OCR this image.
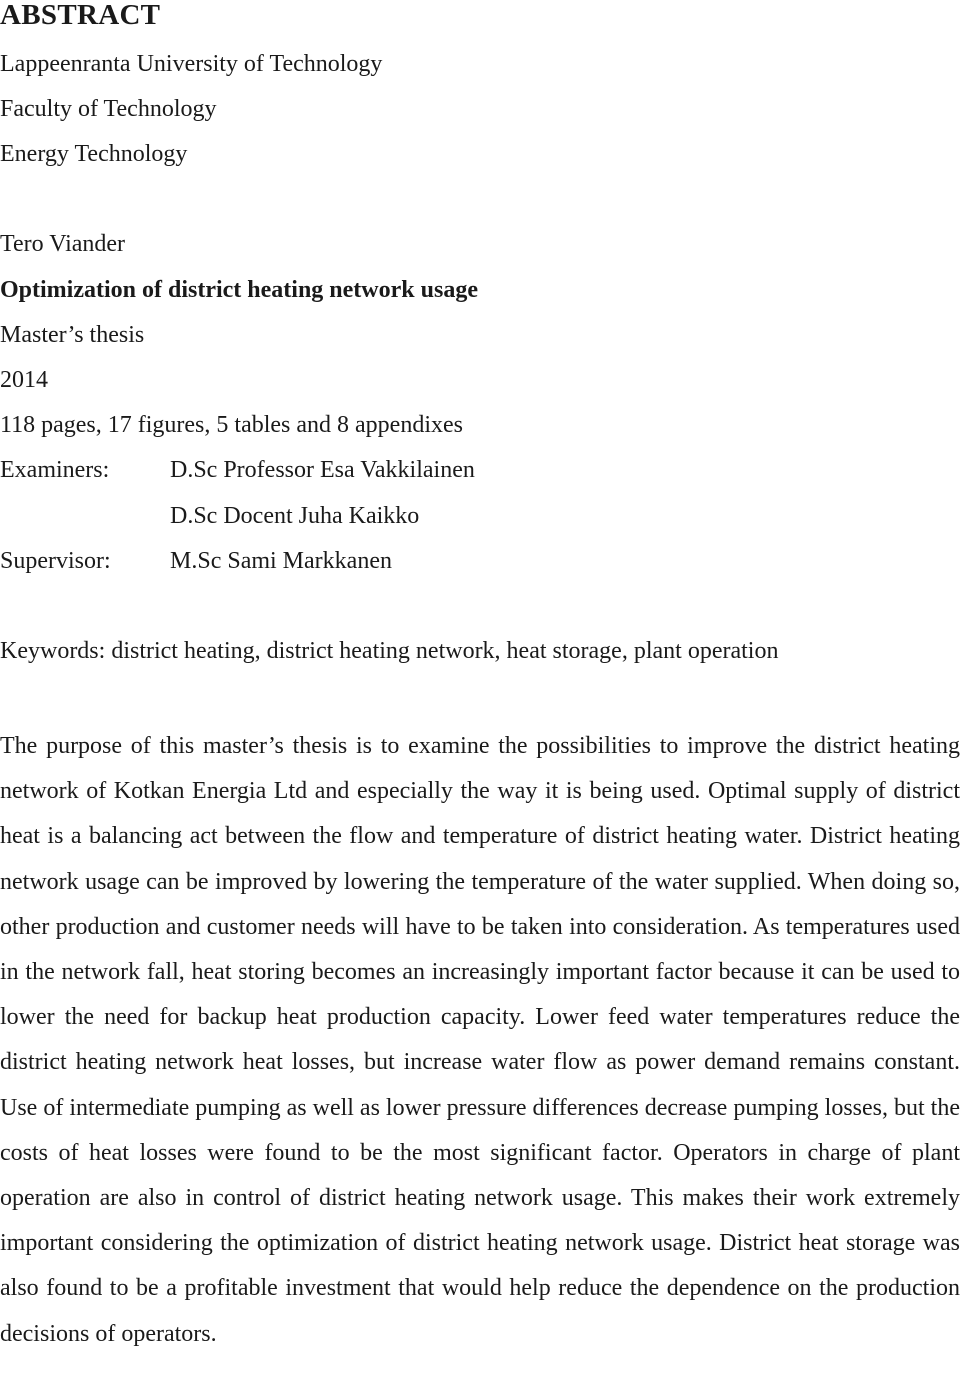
ABSTRACT

Lappeenranta University of Technology

Faculty of Technology

Energy Technology

Tero Viander

Optimization of district heating network usage

Master’s thesis

2014

118 pages, 17 figures, 5 tables and 8 appendixes

Examiners:	D.Sc Professor Esa Vakkilainen
D.Sc Docent Juha Kaikko
Supervisor: M.Sc Sami Markkanen

Keywords: district heating, district heating network, heat storage, plant operation

The purpose of this master’s thesis is to examine the possibilities to improve the district heating network of Kotkan Energia Ltd and especially the way it is being used. Optimal supply of district heat is a balancing act between the flow and temperature of district heating water. District heating network usage can be improved by lowering the temperature of the water supplied. When doing so, other production and customer needs will have to be taken into consideration. As temperatures used in the network fall, heat storing becomes an increasingly important factor because it can be used to lower the need for backup heat production capacity. Lower feed water temperatures reduce the district heating network heat losses, but increase water flow as power demand remains constant. Use of intermediate pumping as well as lower pressure differences decrease pumping losses, but the costs of heat losses were found to be the most significant factor. Operators in charge of plant operation are also in control of district heating network usage. This makes their work extremely important considering the optimization of district heating network usage. District heat storage was also found to be a profitable investment that would help reduce the dependence on the production decisions of operators.
